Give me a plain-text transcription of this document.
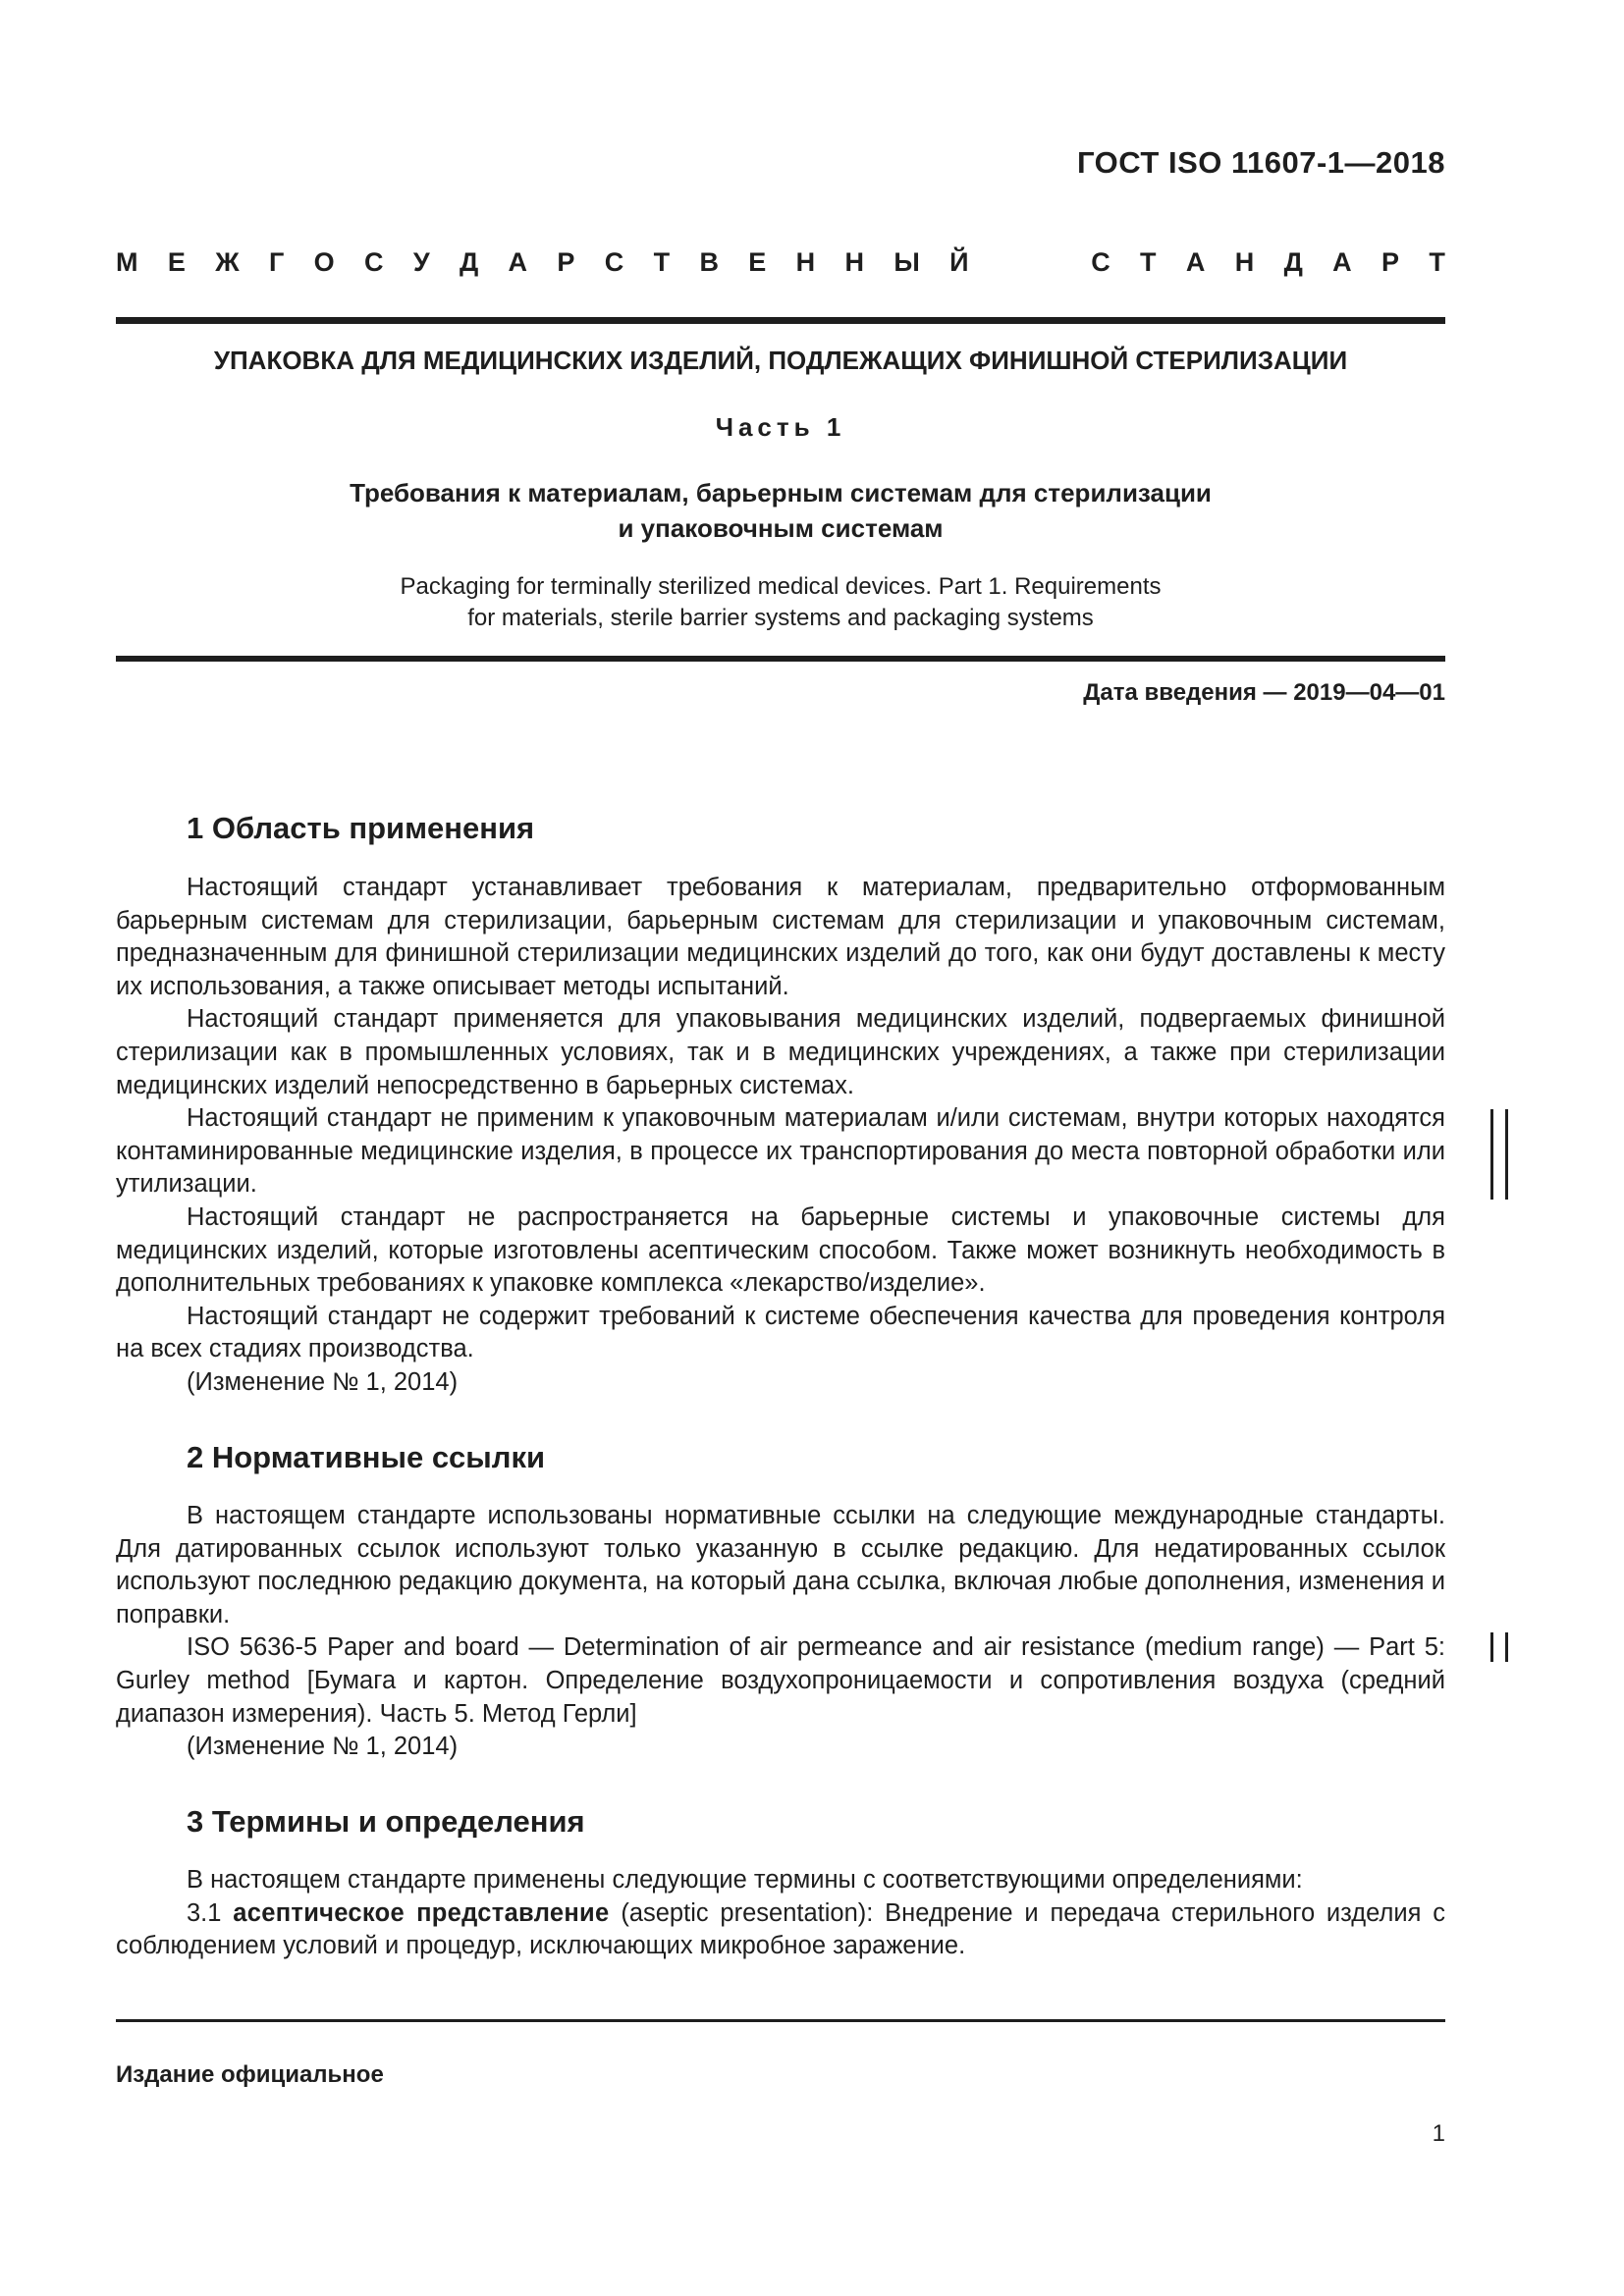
ГОСТ ISO 11607-1—2018
М Е Ж Г О С У Д А Р С Т В Е Н Н Ы Й	С Т А Н Д А Р Т
УПАКОВКА ДЛЯ МЕДИЦИНСКИХ ИЗДЕЛИЙ, ПОДЛЕЖАЩИХ ФИНИШНОЙ СТЕРИЛИЗАЦИИ
Часть 1
Требования к материалам, барьерным системам для стерилизации
и упаковочным системам
Packaging for terminally sterilized medical devices. Part 1. Requirements
for materials, sterile barrier systems and packaging systems
Дата введения — 2019—04—01
1 Область применения

Настоящий стандарт устанавливает требования к материалам, предварительно отформованным барьерным системам для стерилизации, барьерным системам для стерилизации и упаковочным системам, предназначенным для финишной стерилизации медицинских изделий до того, как они будут доставлены к месту их использования, а также описывает методы испытаний.

Настоящий стандарт применяется для упаковывания медицинских изделий, подвергаемых финишной стерилизации как в промышленных условиях, так и в медицинских учреждениях, а также при стерилизации медицинских изделий непосредственно в барьерных системах.

Настоящий стандарт не применим к упаковочным материалам и/или системам, внутри которых находятся контаминированные медицинские изделия, в процессе их транспортирования до места повторной обработки или утилизации.

Настоящий стандарт не распространяется на барьерные системы и упаковочные системы для медицинских изделий, которые изготовлены асептическим способом. Также может возникнуть необходимость в дополнительных требованиях к упаковке комплекса «лекарство/изделие».

Настоящий стандарт не содержит требований к системе обеспечения качества для проведения контроля на всех стадиях производства.

(Изменение № 1, 2014)

2 Нормативные ссылки

В настоящем стандарте использованы нормативные ссылки на следующие международные стандарты. Для датированных ссылок используют только указанную в ссылке редакцию. Для недатированных ссылок используют последнюю редакцию документа, на который дана ссылка, включая любые дополнения, изменения и поправки.

ISO 5636-5 Paper and board — Determination of air permeance and air resistance (medium range) — Part 5: Gurley method [Бумага и картон. Определение воздухопроницаемости и сопротивления воздуха (средний диапазон измерения). Часть 5. Метод Герли]

(Изменение № 1, 2014)

3 Термины и определения

В настоящем стандарте применены следующие термины с соответствующими определениями:

3.1 асептическое представление (aseptic presentation): Внедрение и передача стерильного изделия с соблюдением условий и процедур, исключающих микробное заражение.

Издание официальное
1
